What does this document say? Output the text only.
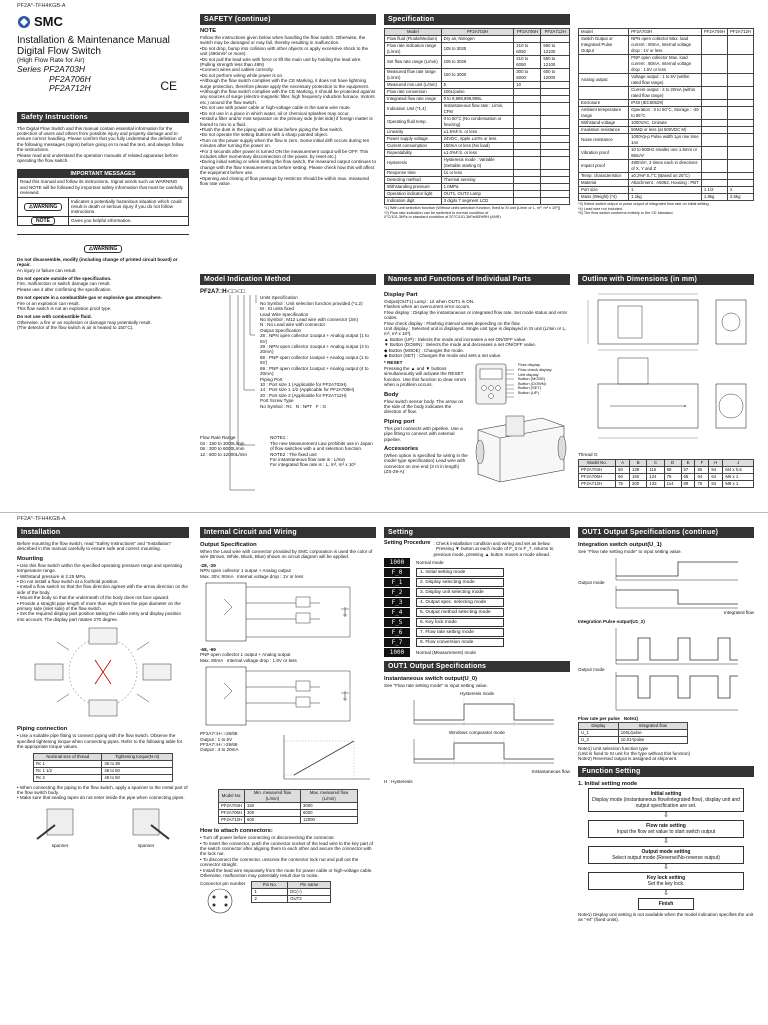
PF2A*-TFH4KGB-A
SMC
Installation & Maintenance Manual
Digital Flow Switch
(High Flow Rate for Air)
Series PF2A703H
PF2A706H
PF2A712H	CE
Safety Instructions

The Digital Flow Switch and this manual contain essential information for the protection of users and others from possible injury and property damage and to ensure correct handling. Please confirm that you fully understand the definition of the following messages (signs) before going on to read the text, and always follow the instructions.
Please read and understand the operation manuals of related apparatus before operating the flow switch.

IMPORTANT MESSAGES

Read this manual and follow its instructions. Signal words such as WARNING and NOTE will be followed by important safety information that must be carefully reviewed.

⚠WARNING

Indicates a potentially hazardous situation which could result in death or serious injury if you do not follow instructions.

NOTE	Gives you helpful information.

⚠WARNING
Do not disassemble, modify (including change of printed circuit board) or repair.
An injury or failure can result.
Do not operate outside of the specification.
Fire, malfunction or switch damage can result.
Please use it after confirming the specification.
Do not operate in a combustible gas or explosive gas atmosphere.
Fire or an explosion can result.
This flow switch is not an explosion proof type.
Do not use with combustible fluid.
Otherwise, a fire or an explosion or damage may potentially result.
(The detector of the flow switch is air is heated to 150°C).
SAFETY (continue)
NOTE

Follow the instructions given below when handling the flow switch. Otherwise, the switch may be damaged or may fail, thereby resulting in malfunction.
•Do not drop, bump into collision with other objects or apply excessive shock to the unit (490m/s² or more).
•Do not pull the lead wire with force or lift the main unit by holding the lead wire. (Pulling strength less than 49N)
•Connect wires and cables correctly.
•Do not perform wiring while power is on.
•Although the flow switch complies with the CE Marking, it does not have lightning surge protection, therefore please apply the necessary protection to the equipment.
•Although the flow switch complies with the CE Marking, it should be protected against any sources of surge (electro-magnetic filter, high frequency induction furnace, motors etc.) around the flow switch.
•Do not use with power cable or high-voltage cable in the same wire route.
•Do not use in a place in which water, oil or chemical splashes may occur.
•Install a filter and/or mist separator on the primary side (inlet side) if foreign matter is feared to mix in a fluid.
•Flush the dust in the piping with air blow before piping the flow switch.
•Do not operate the setting buttons with a sharp pointed object.
•Turn on the power supply when the flow is zero. Some initial drift occurs during ten minutes after turning the power on.
•For 3 seconds after power is turned ON the measurement output will be OFF. This includes after momentary disconnection of the power, by reset etc.)
•During initial setting or when setting the flow switch, the measured output continues to change with the flow measurement as before setting. Please check how this will affect the equipment before use.
•Opening and closing of flow passage by restrictor should be within max. measured flow rate value.

Model Indication Method
PF2A7□H-□□-□□

Units Specification
No Symbol : Unit selection function provided (*1,2)
M : SI units fixed
Lead Wire Specification
No Symbol : M12 Lead wire with connector (3m)
N : No Lead wire with connector
Output Specification
28 : NPN open collector 1output + Analog output (1 to 5V)
29 : NPN open collector 1output + Analog output (4 to 20mA)
68 : PNP open collector 1output + Analog output (1 to 5V)
69 : PNP open collector 1output + Analog output (4 to 20mA)
Piping Port
10 : Port size 1 (Applicable for PF2A703H)
14 : Port size 1 1/2 (Applicable for PF2A706H)
20 : Port size 2 (Applicable for PF2A712H)
Port Screw Type
No Symbol : Rc   N : NPT   F : G

Flow Rate Range
03 : 150 to 3000L/min
06 : 300 to 6000L/min
12 : 600 to 12000L/min

NOTE1 :
The new Measurement Law prohibits use in Japan of flow switches with a unit selection function.
NOTE2 : The fixed unit
For instantaneous flow rate is : L/min
For integrated flow rate is : L, m³, m³ x 10³

Specification
Model	PF2A703H	PF2A706H	PF2A712H
Flow fluid (Fluids/Medium)	Dry air, Nitrogen		
Flow rate indication range (L/min)	105 to 3025	210 to 6050	550 to 12100
Set flow rate range (L/min)	105 to 3025	210 to 6050	550 to 12100
Measured flow rate range (L/min)	150 to 3000	300 to 6000	600 to 12000
Measured min.unit (L/min)	5	10	
Flow rate conversion	100L/pulse		
Integrated flow rate range	0 to 9,999,999,999L		
Indication Unit (*1,4)	Instantaneous flow rate : L/min, CFM		
Operating fluid temp.	0 to 50°C (No condensation or freezing)		
Linearity	±1.5%F.S. or less		
Power supply voltage	24VDC, ripple ±10% or less		
Current consumption	150mA or less (No load)		
Repeatability	±1.0%F.S. or less		
Hysteresis	Hysteresis mode : Variable (Settable starting 0)		
Response time	1s or less		
Detecting method	Thermal sensing		
Withstanding pressure	1.0MPa		
Operation indicator light	OUT1, OUT2 Lamp		
Indication digit	3 digits 7 segment LCD		

*1) With unit selection function (Without units selection function, fixed to SI unit [L/min or L, m³, m³ x 10⁶])
*2) Flow rate indication can be switched to normal condition of
0°C/101.3kPa or standard condition of 20°C/101.3kPa/65%RH (ANR)

Names and Functions of Individual Parts
Display Part

Output(OUT1) Lamp : Lit when OUT1 is ON.
Flashes when an overcurrent error occurs.
Flow display : Display the instantaneous or integrated flow rate. Set mode status and error codes.
Flow check display : Flashing interval varies depending on the flow.
Unit display : Selected unit is displayed. Single unit type is displayed in SI unit (L/min or L, m³, m³ x 10³).
▲ Button (UP) : Selects the mode and increases a set ON/OFF value.
▼ Button (DOWN) : Selects the mode and decreases a set ON/OFF value.
◆ Button (MODE) : Changes the mode.
◆ Button (SET) : Changes the mode and sets a set value.

* RESET

Pressing the ▲ and ▼ buttons simultaneously will activate the RESET function. Use this function to clear errors when a problem occurs.

Body

Flow switch sensor body. The arrow on the side of the body indicates the direction of flow.

Piping port

This port connects with pipeline. Use a pipe fitting to connect with external pipeline.

Accessories

(When option is specified for wiring in the model type specification) Lead wire with connector on one end (3 m in length) (ZS-29-A)

Flow display
Flow check display
Unit display
Button (MODE)
Button (DOWN)
Button (SET)
Button (UP)
Model	PF2A703H	PF2A706H	PF2A712H
Switch Output or Integrated Pulse Output	NPN open collector Max. load current : 80mA, Internal voltage drop : 1V or less		
	PNP open collector Max. load current : 80mA, Internal voltage drop : 1.5V or less		
Analog output	Voltage output : 1 to 5V (within rated flow range)		
	Current output : 4 to 20mA (within rated flow range)		
Enclosure	IP40 (IEC60529)		
Ambient temperature range	Operation : 0 to 50°C, Storage : -25 to 85°C		
Withstand voltage	1000VAC, 1minute		
Insulation resistance	50MΩ or less (at 500VDC M)		
Noise resistance	1000Vp-p Pulse width 1μs rise time 1ns		
Vibration proof	10 to 500Hz smaller one 1.5mm or 98m/s²		
Impact proof	490m/s², 3 times each in directions of X, Y and Z		
Temp. characteristics	±0.2%F.S./°C (Based on 25°C)		
Material	Attachment : A6063, Housing : PBT		
Port size	1	1 1/2	2
Mass (Weight) (*4)	1.1kg	1.8kg	2.5kg

*3) Select switch output or pulse output of integrated flow rate on initial setting
*4) Lead wire not included.
*5) The flow switch conforms entirely to the CE standard.

Outline with Dimensions (in mm)
Thread G
Model No.	A	B	C	D	E	F	H	J
PF2A703H	50	138	115	68	57	55	54	M4 x 0.6
PF2A706H	60	150	124	78	65	64	64	M6 x 1
PF2A712H	75	200	133	114	89	75	84	M8 x 1
PF2A*-TFH4KGB-A
Installation

Before mounting the flow switch, read "Safety Instructions" and "Installation" described in this manual carefully to ensure safe and correct mounting.

Mounting

• Use this flow switch within the specified operating pressure range and operating temperature range.
• Withstand pressure is 2.25 MPa.
• Do not install a flow switch at a foothold position.
• Install a flow switch so that the flow direction agrees with the arrow direction on the side of the body.
• Mount the body so that the underneath of the body does not face upward.
• Provide a straight pipe length of more than eight times the pipe diameter on the primary side (inlet side) of the flow switch.
• Set the required display part position taking the cable entry and display position into account. The display part rotates 270 degree.

Piping connection

• Use a suitable pipe fitting to connect piping with the flow switch. Observe the specified tightening torque when connecting pipes. Refer to the following table for the appropriate torque values.

Nominal size of thread	Tightening torque(N·m)
Rc 1	36 to 38
Rc 1 1/2	48 to 50
Rc 2	48 to 50

• When connecting the piping to the flow switch, apply a spanner to the metal part of the flow switch body.
• Make sure that sealing tapes do not enter inside the pipe when connecting pipes.

spanner	spanner
Internal Circuit and Wiring
Output Specification

When the Lead wire with connector provided by SMC corporation is used the color of wire (Brown, White, Black, Blue) shown on circuit diagram will be applied.

-28, -29

NPN open collector 1 output + Analog output
Max. 30V, 80mA   Internal voltage drop : 1V or less

-68, -69

PNP open collector 1 output + Analog output
Max. 80mA   Internal voltage drop : 1.5V or less

PF2A7□H-□-28/68
Output : 1 to 5V
PF2A7□H-□-29/69
Output : 4 to 20mA

Model No.	Min. measured flow (L/min)	Max. measured flow (L/min)
PF2A703H	150	3000
PF2A706H	300	6000
PF2A712H	600	12000
How to attach connectors:

• Turn off power before connecting or disconnecting the connector.
• To insert the connector, push the connector socket of the lead wire to the key part of the switch connector after aligning them to each other and secure the connector with the lock nut.
• To disconnect the connector, unscrew the connector lock nut and pull out the connector straight.
• Install the lead wire separately from the route for power cable or high-voltage cable. Otherwise, malfunction may potentially result due to noise.

Connector pin number	Pin No.	Pin name
1	DC(+)
2	OUT2
Setting
Setting Procedure : Check installation condition and wiring and set as below.
Pressing ▼ button at each mode of F_0 to F_7, returns to previous mode, pressing ▲ button moves a mode ahead.

1000	Normal mode
F_0	1. Initial setting mode
F_1	2. Display selecting mode
F_2	3. Display unit selecting mode
F_3	4. Output spec. selecting mode
F_4	5. Output method selecting mode
F_5	6. Key lock mode
F_6	7. Flow rate setting mode
F_7	8. Flow conversion mode
1000	Normal (Measurement) mode
OUT1 Output Specifications
Instantaneous switch output(U_0)
See "Flow rate setting mode" to input setting value.
Hysteresis mode
Windows comparator mode
Instantaneous flow
H : Hysteresis
OUT1 Output Specifications (continue)
Integration switch output(U_1)
See "Flow rate setting mode" to input setting value.
Output mode
Integrated flow
Integration Pulse output(U1_2)
Output mode
Flow rate per pulse   Note1)
Display	Integrated flow
U_1	100L/pulse
U_2	10.01¹/pulse

Note1) Unit selection function type
(Unit is fixed to SI unit for the type without this function)
Note2) Reversed output is assigned at shipment.

Function Setting
1. Initial setting mode
Initial setting
Display mode (instantaneous flow/integrated flow), display unit and output specification are set.
⇩
Flow rate setting
Input the flow set value to start switch output
⇩
Output mode setting
Select output mode (Reverse/No-reverse output)
⇩
Key lock setting
Set the key lock.
⇩
Finish

Note1) Display unit setting is not available when the model indication specifies the unit as "-M" (fixed units).
